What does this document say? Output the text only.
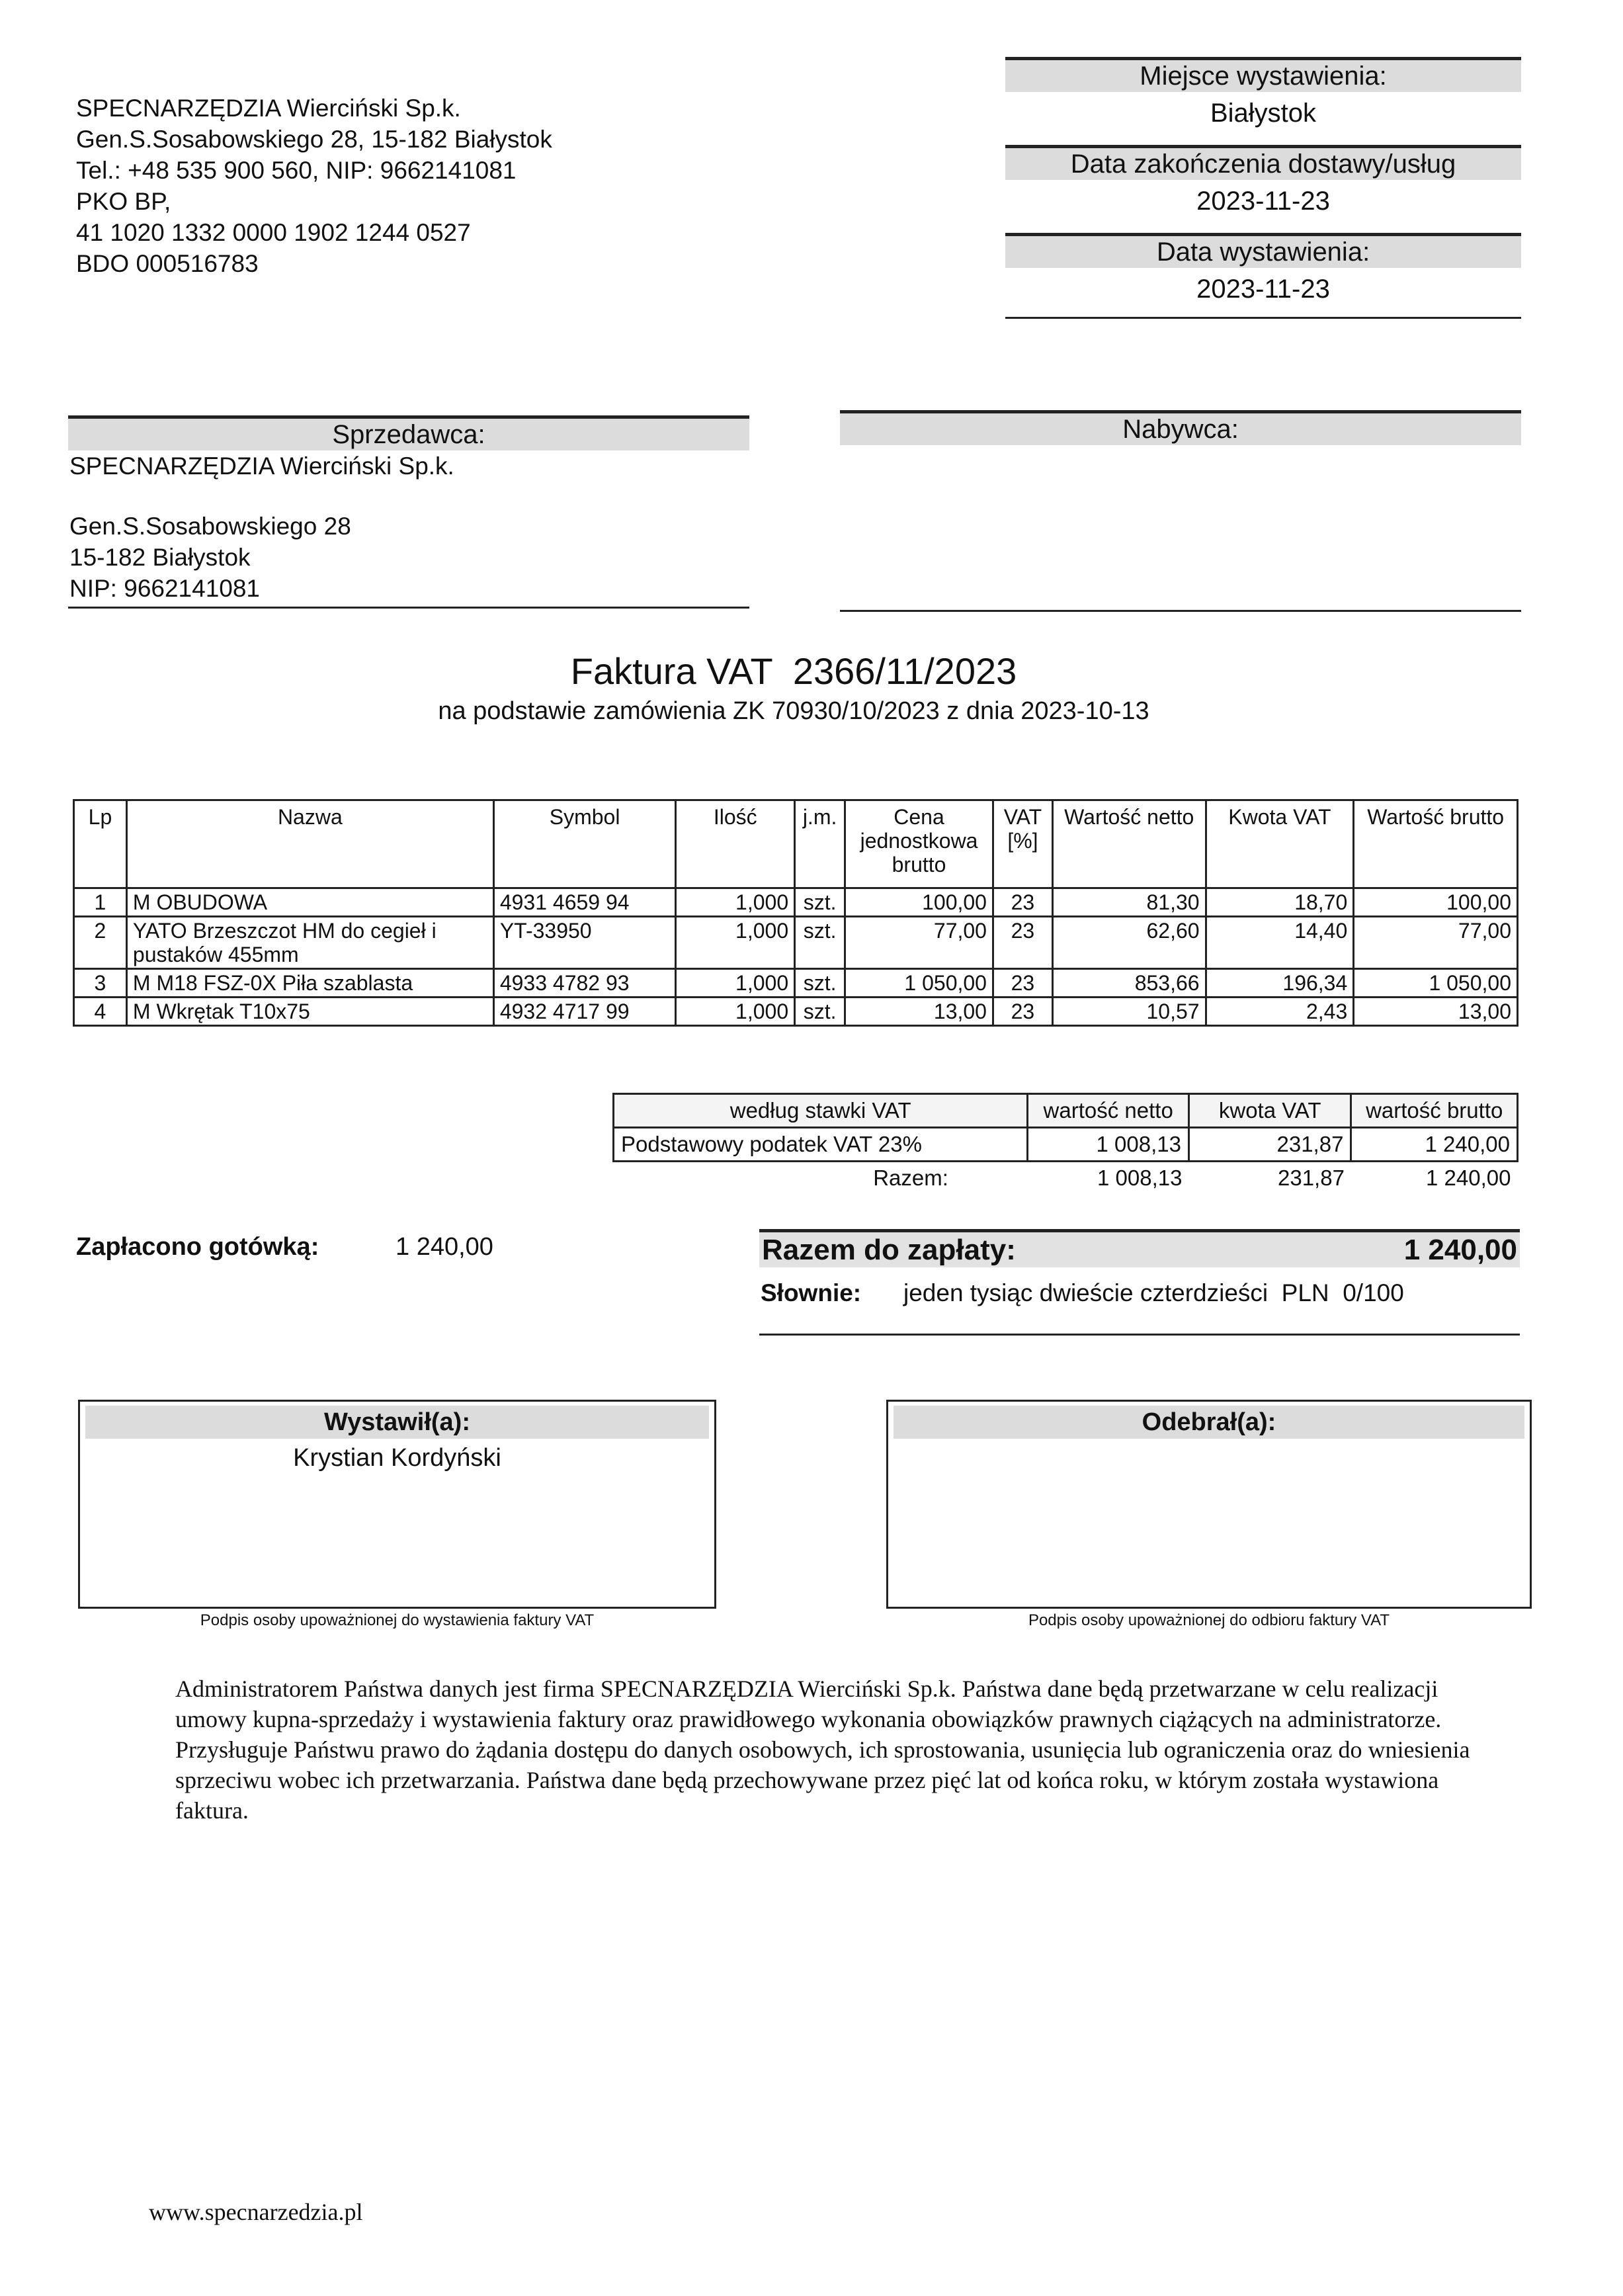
SPECNARZĘDZIA Wierciński Sp.k.
Gen.S.Sosabowskiego 28, 15-182 Białystok
Tel.: +48 535 900 560, NIP: 9662141081
PKO BP,
41 1020 1332 0000 1902 1244 0527
BDO 000516783
Miejsce wystawienia:
Białystok
Data zakończenia dostawy/usług
2023-11-23
Data wystawienia:
2023-11-23
Sprzedawca:
SPECNARZĘDZIA Wierciński Sp.k.
Gen.S.Sosabowskiego 28
15-182 Białystok
NIP: 9662141081
Nabywca:
Faktura VAT  2366/11/2023
na podstawie zamówienia ZK 70930/10/2023 z dnia 2023-10-13
Lp	Nazwa	Symbol	Ilość	j.m.	Cena jednostkowa brutto	VAT [%]	Wartość netto	Kwota VAT	Wartość brutto
1	M OBUDOWA	4931 4659 94	1,000	szt.	100,00	23	81,30	18,70	100,00
2	YATO Brzeszczot HM do cegieł i pustaków 455mm	YT-33950	1,000	szt.	77,00	23	62,60	14,40	77,00
3	M M18 FSZ-0X Piła szablasta	4933 4782 93	1,000	szt.	1 050,00	23	853,66	196,34	1 050,00
4	M Wkrętak T10x75	4932 4717 99	1,000	szt.	13,00	23	10,57	2,43	13,00
według stawki VAT	wartość netto	kwota VAT	wartość brutto
Podstawowy podatek VAT 23%	1 008,13	231,87	1 240,00
Razem:	1 008,13	231,87	1 240,00
Zapłacono gotówką:	1 240,00	Razem do zapłaty:	1 240,00
Słownie: jeden tysiąc dwieście czterdzieści  PLN  0/100
Wystawił(a):
Krystian Kordyński
Podpis osoby upoważnionej do wystawienia faktury VAT
Odebrał(a):
Podpis osoby upoważnionej do odbioru faktury VAT
Administratorem Państwa danych jest firma SPECNARZĘDZIA Wierciński Sp.k. Państwa dane będą przetwarzane w celu realizacji umowy kupna-sprzedaży i wystawienia faktury oraz prawidłowego wykonania obowiązków prawnych ciążących na administratorze. Przysługuje Państwu prawo do żądania dostępu do danych osobowych, ich sprostowania, usunięcia lub ograniczenia oraz do wniesienia sprzeciwu wobec ich przetwarzania. Państwa dane będą przechowywane przez pięć lat od końca roku, w którym została wystawiona faktura.
www.specnarzedzia.pl
